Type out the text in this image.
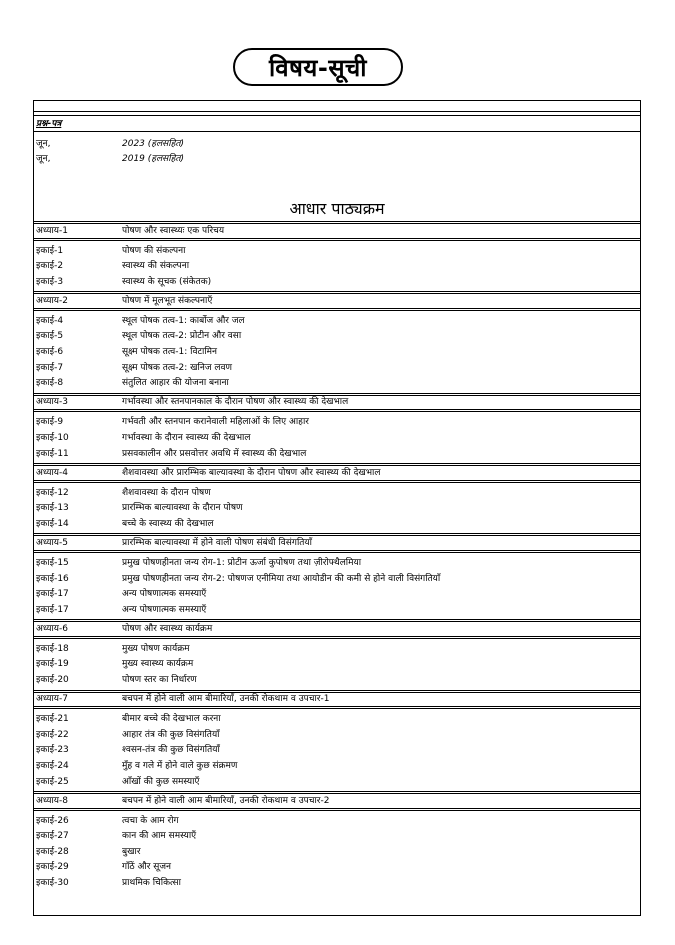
विषय-सूची
प्रश्न-पत्र
जून,	2023 (हलसहित)
जून,	2019 (हलसहित)
आधार पाठ्यक्रम
अध्याय-1	पोषण और स्वास्थ्यः एक परिचय
इकाई-1	पोषण की संकल्पना
इकाई-2	स्वास्थ्य की संकल्पना
इकाई-3	स्वास्थ्य के सूचक (संकेतक)
अध्याय-2	पोषण में मूलभूत संकल्पनाएँ
इकाई-4	स्थूल पोषक तत्व-1: कार्बोज और जल
इकाई-5	स्थूल पोषक तत्व-2: प्रोटीन और वसा
इकाई-6	सूक्ष्म पोषक तत्व-1: विटामिन
इकाई-7	सूक्ष्म पोषक तत्व-2: खनिज लवण
इकाई-8	संतुलित आहार की योजना बनाना
अध्याय-3	गर्भावस्था और स्तनपानकाल के दौरान पोषण और स्वास्थ्य की देखभाल
इकाई-9	गर्भवती और स्तनपान करानेवाली महिलाओं के लिए आहार
इकाई-10	गर्भावस्था के दौरान स्वास्थ्य की देखभाल
इकाई-11	प्रसवकालीन और प्रसवोत्तर अवधि में स्वास्थ्य की देखभाल
अध्याय-4	शैशवावस्था और प्रारम्भिक बाल्यावस्था के दौरान पोषण और स्वास्थ्य की देखभाल
इकाई-12	शैशवावस्था के दौरान पोषण
इकाई-13	प्रारम्भिक बाल्यावस्था के दौरान पोषण
इकाई-14	बच्चे के स्वास्थ्य की देखभाल
अध्याय-5	प्रारम्भिक बाल्यावस्था में होने वाली पोषण संबंधी विसंगतियाँ
इकाई-15	प्रमुख पोषणहीनता जन्य रोग-1: प्रोटीन ऊर्जा कुपोषण तथा ज़ीरोफ्थैलमिया
इकाई-16	प्रमुख पोषणहीनता जन्य रोग-2: पोषणज एनीमिया तथा आयोडीन की कमी से होने वाली विसंगतियाँ
इकाई-17	अन्य पोषणात्मक समस्याएँ
इकाई-17	अन्य पोषणात्मक समस्याएँ
अध्याय-6	पोषण और स्वास्थ्य कार्यक्रम
इकाई-18	मुख्य पोषण कार्यक्रम
इकाई-19	मुख्य स्वास्थ्य कार्यक्रम
इकाई-20	पोषण स्तर का निर्धारण
अध्याय-7	बचपन में होने वाली आम बीमारियाँ, उनकी रोकथाम व उपचार-1
इकाई-21	बीमार बच्चे की देखभाल करना
इकाई-22	आहार तंत्र की कुछ विसंगतियाँ
इकाई-23	श्वसन-तंत्र की कुछ विसंगतियाँ
इकाई-24	मुँह व गले में होने वाले कुछ संक्रमण
इकाई-25	आँखों की कुछ समस्याएँ
अध्याय-8	बचपन में होने वाली आम बीमारियाँ, उनकी रोकथाम व उपचार-2
इकाई-26	त्वचा के आम रोग
इकाई-27	कान की आम समस्याएँ
इकाई-28	बुखार
इकाई-29	गाँठें और सूजन
इकाई-30	प्राथमिक चिकित्सा
